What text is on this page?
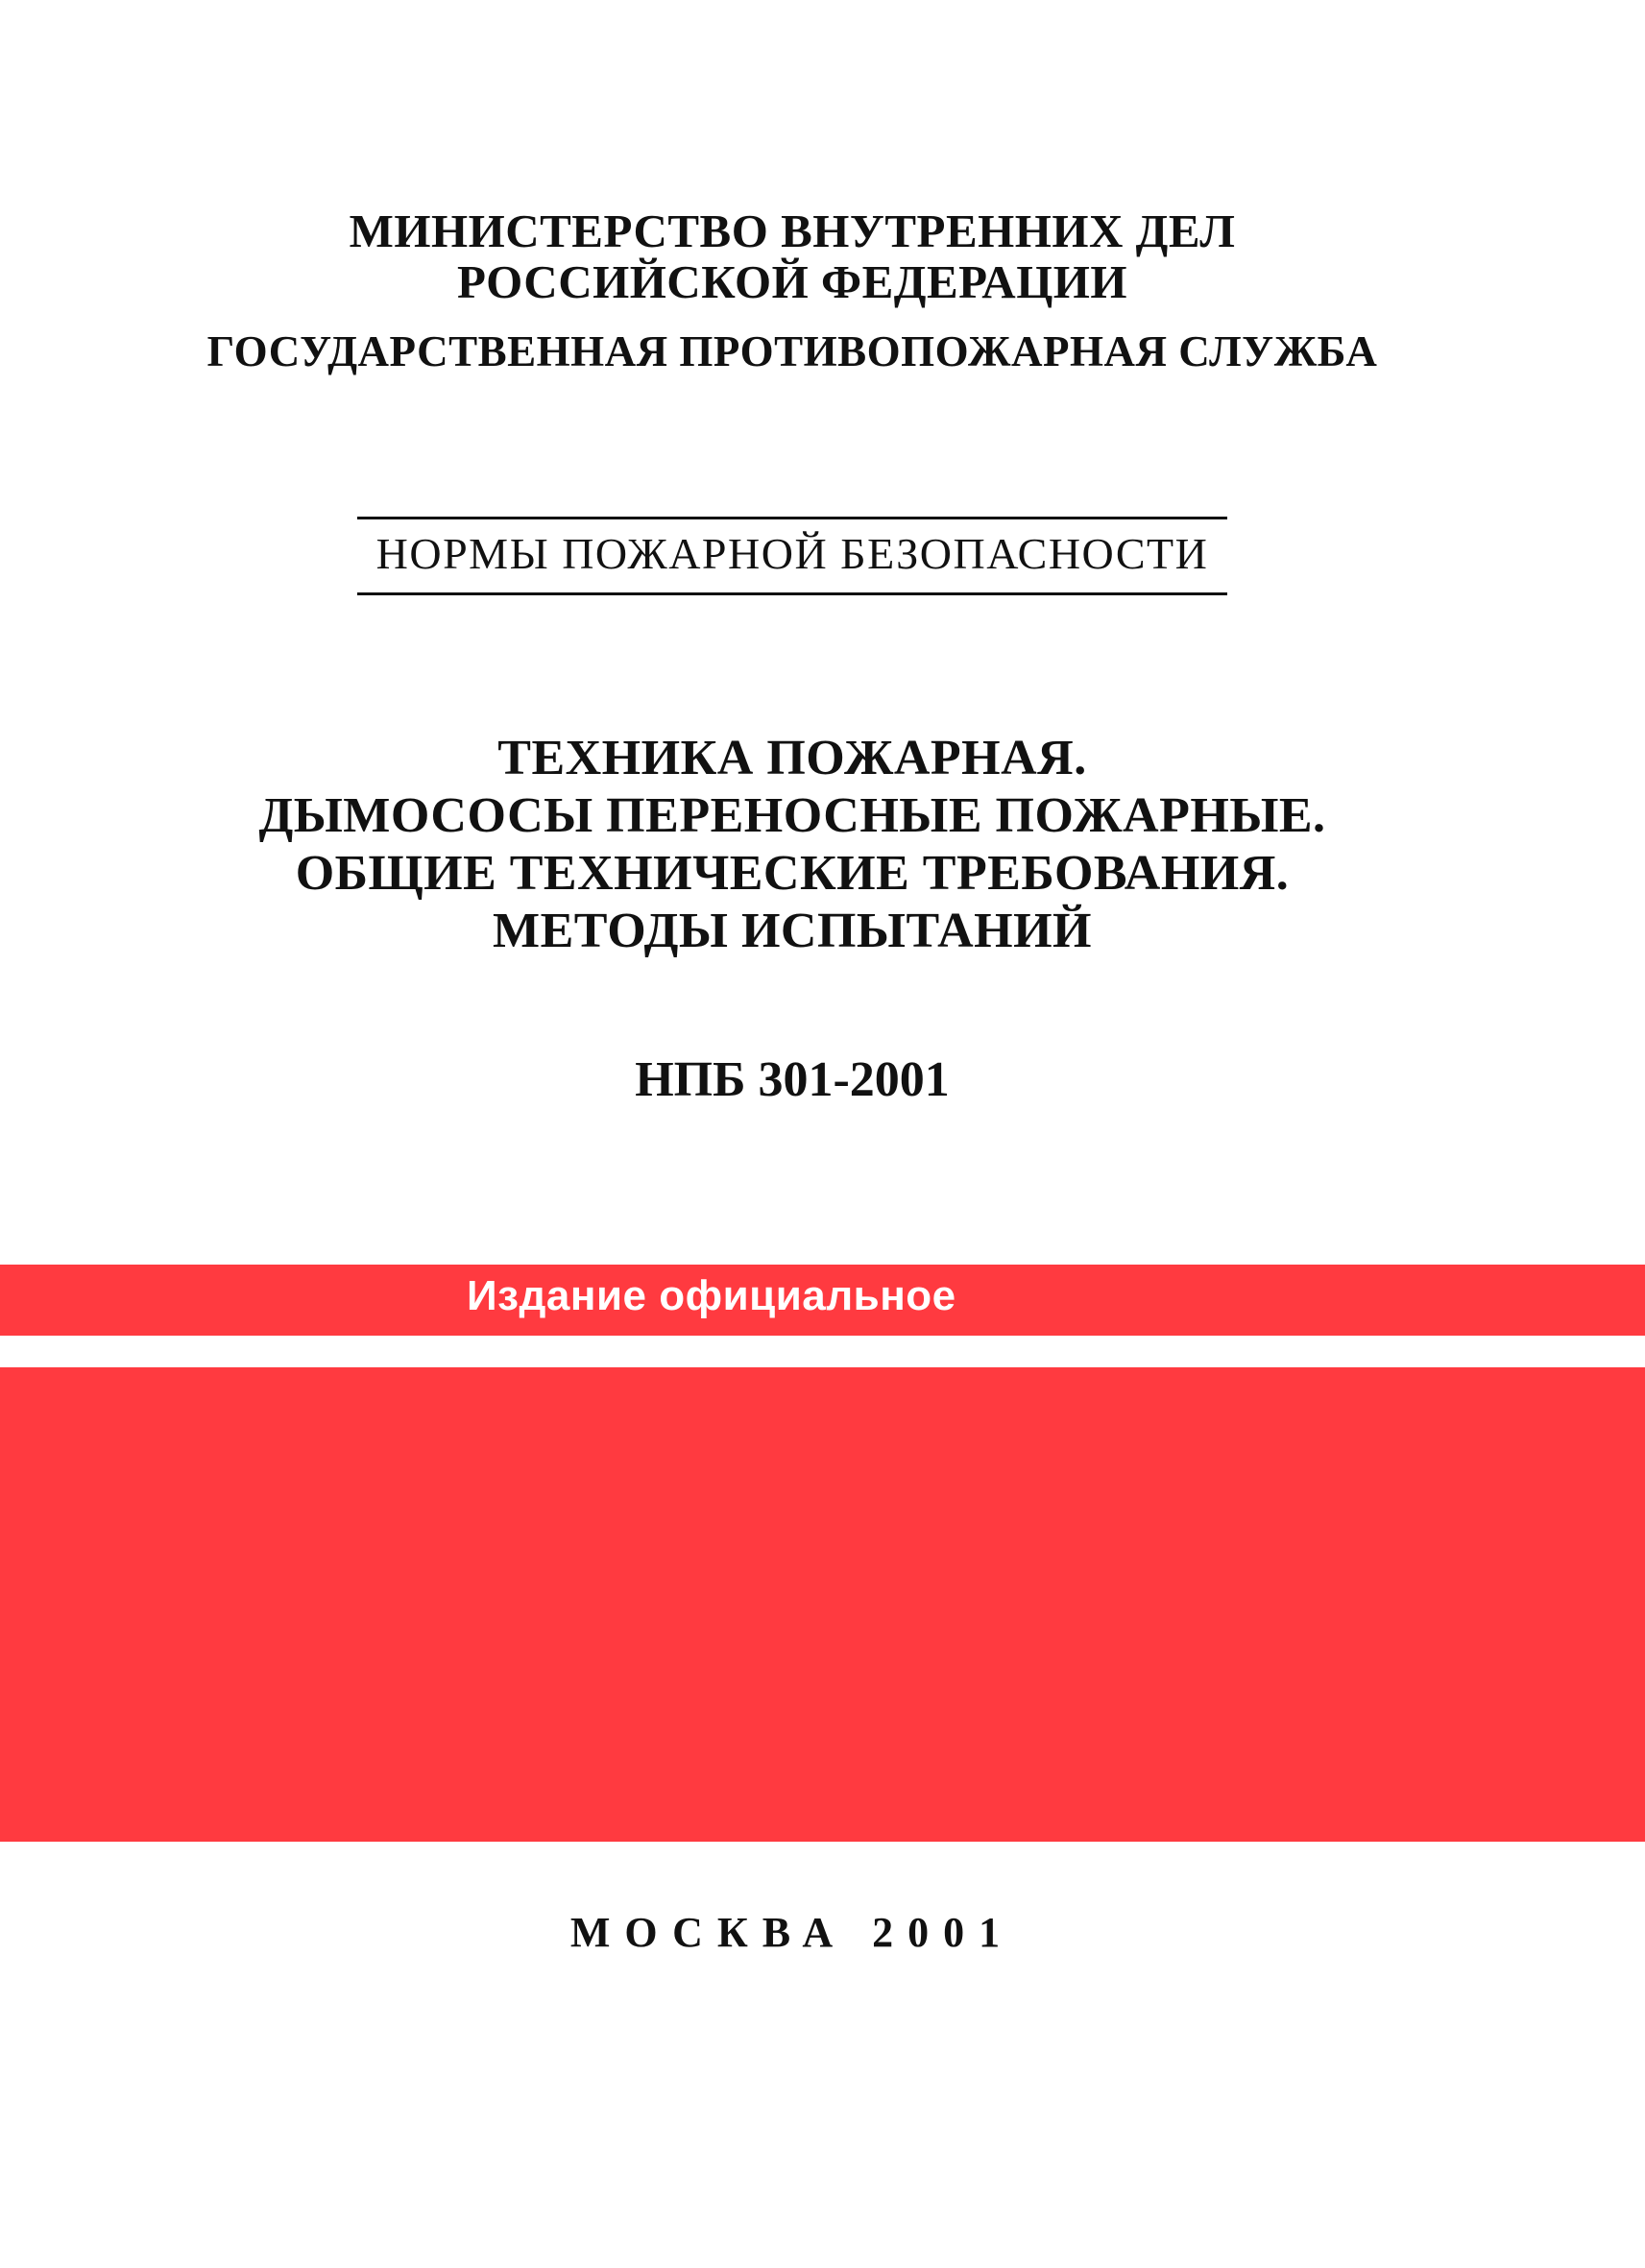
МИНИСТЕРСТВО ВНУТРЕННИХ ДЕЛ
РОССИЙСКОЙ ФЕДЕРАЦИИ
ГОСУДАРСТВЕННАЯ ПРОТИВОПОЖАРНАЯ СЛУЖБА
НОРМЫ ПОЖАРНОЙ БЕЗОПАСНОСТИ
ТЕХНИКА ПОЖАРНАЯ.
ДЫМОСОСЫ ПЕРЕНОСНЫЕ ПОЖАРНЫЕ.
ОБЩИЕ ТЕХНИЧЕСКИЕ ТРЕБОВАНИЯ.
МЕТОДЫ ИСПЫТАНИЙ
НПБ 301-2001
Издание официальное
МОСКВА 2001
